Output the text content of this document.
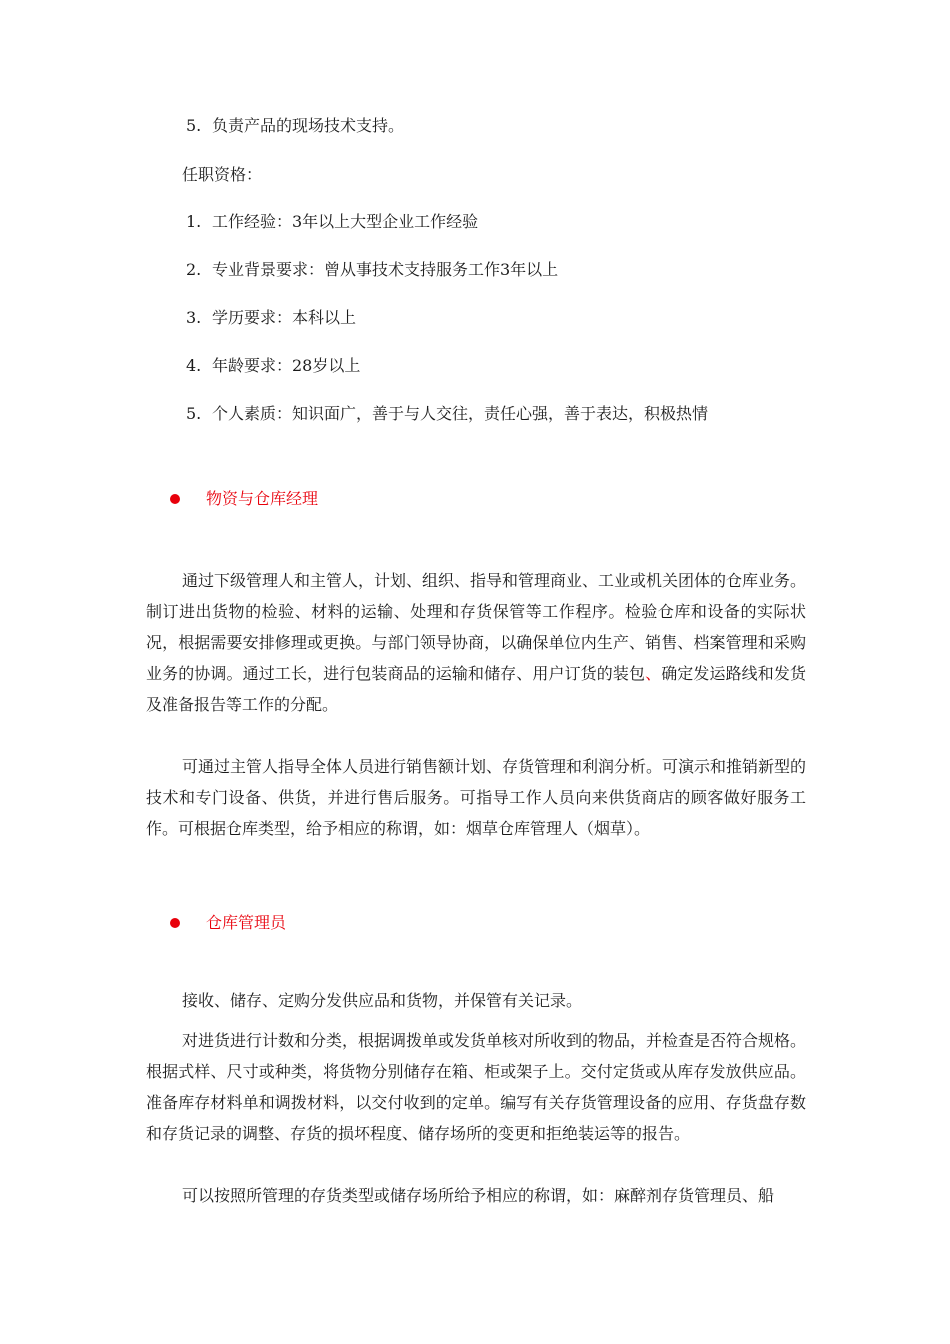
5. 负责产品的现场技术支持。
任职资格：
1. 工作经验：3年以上大型企业工作经验
2. 专业背景要求：曾从事技术支持服务工作3年以上
3. 学历要求：本科以上
4. 年龄要求：28岁以上
5. 个人素质：知识面广，善于与人交往，责任心强，善于表达，积极热情
物资与仓库经理

通过下级管理人和主管人，计划、组织、指导和管理商业、工业或机关团体的仓库业务。制订进出货物的检验、材料的运输、处理和存货保管等工作程序。检验仓库和设备的实际状况，根据需要安排修理或更换。与部门领导协商，以确保单位内生产、销售、档案管理和采购业务的协调。通过工长，进行包装商品的运输和储存、用户订货的装包、确定发运路线和发货及准备报告等工作的分配。

可通过主管人指导全体人员进行销售额计划、存货管理和利润分析。可演示和推销新型的技术和专门设备、供货，并进行售后服务。可指导工作人员向来供货商店的顾客做好服务工作。可根据仓库类型，给予相应的称谓，如：烟草仓库管理人（烟草）。

仓库管理员

接收、储存、定购分发供应品和货物，并保管有关记录。

对进货进行计数和分类，根据调拨单或发货单核对所收到的物品，并检查是否符合规格。根据式样、尺寸或种类，将货物分别储存在箱、柜或架子上。交付定货或从库存发放供应品。准备库存材料单和调拨材料，以交付收到的定单。编写有关存货管理设备的应用、存货盘存数和存货记录的调整、存货的损坏程度、储存场所的变更和拒绝装运等的报告。

可以按照所管理的存货类型或储存场所给予相应的称谓，如：麻醉剂存货管理员、船
